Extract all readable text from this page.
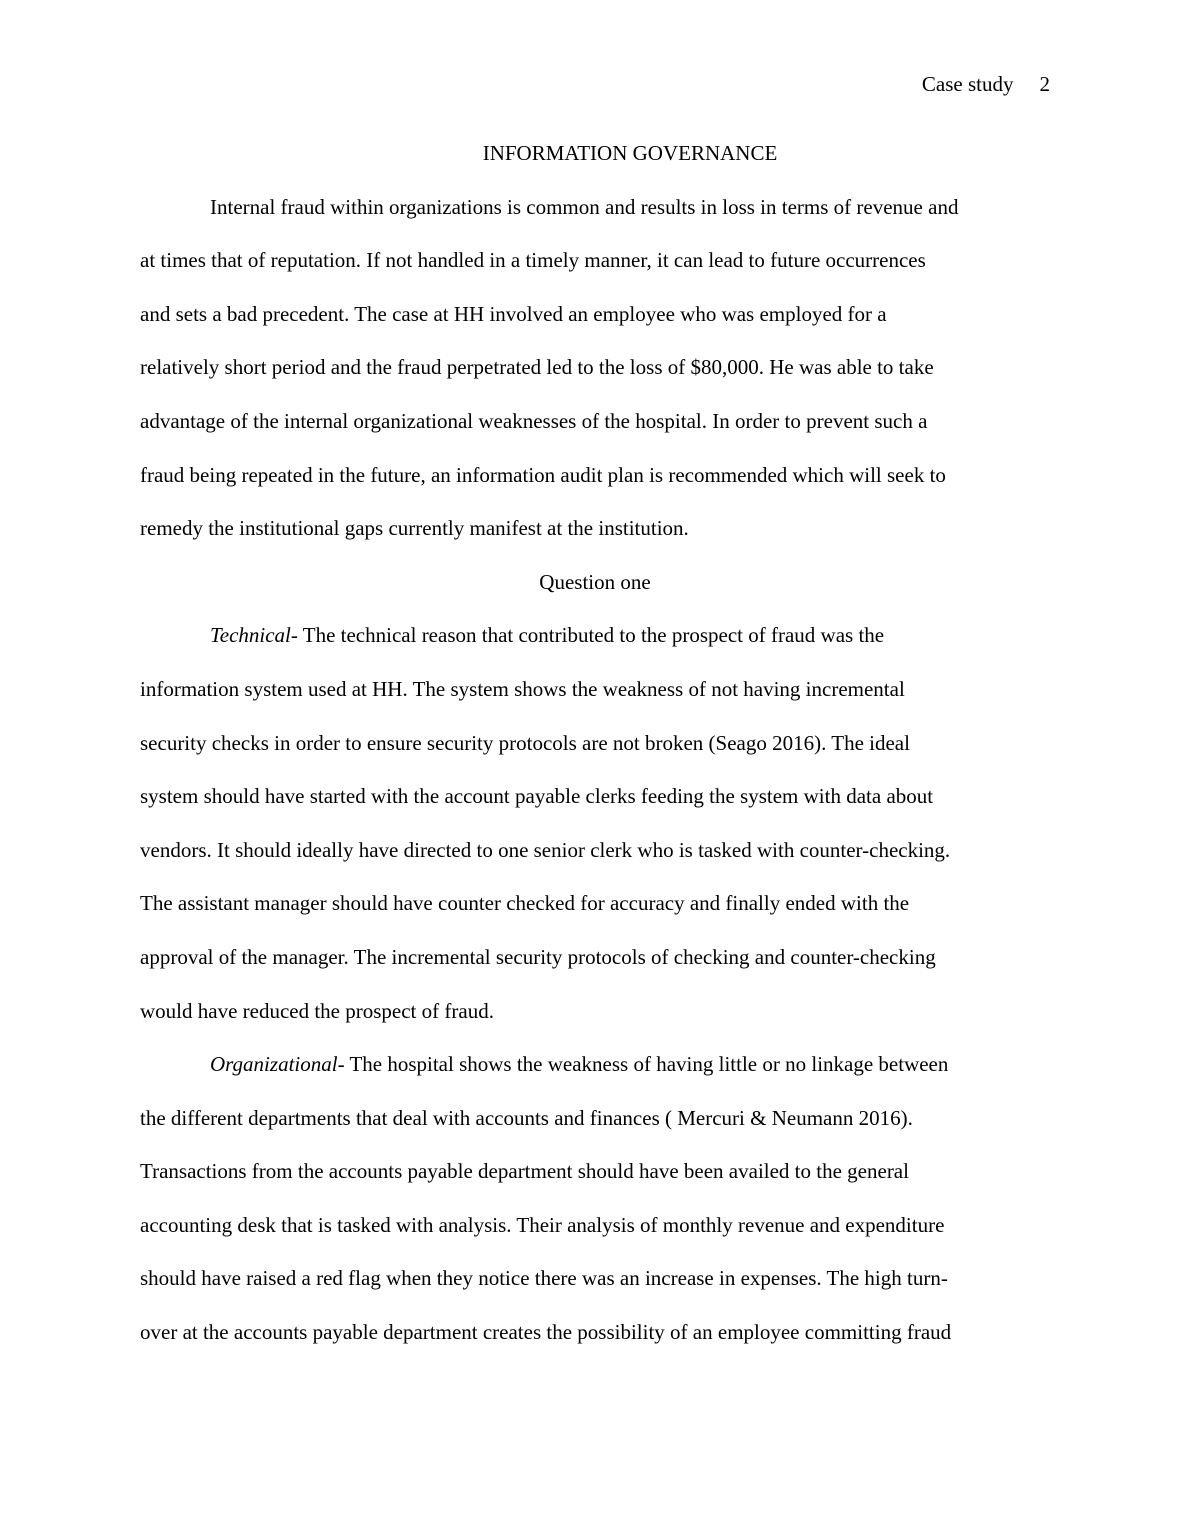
Case study 2
INFORMATION GOVERNANCE

Internal fraud within organizations is common and results in loss in terms of revenue and
at times that of reputation. If not handled in a timely manner, it can lead to future occurrences
and sets a bad precedent. The case at HH involved an employee who was employed for a
relatively short period and the fraud perpetrated led to the loss of $80,000. He was able to take
advantage of the internal organizational weaknesses of the hospital. In order to prevent such a
fraud being repeated in the future, an information audit plan is recommended which will seek to
remedy the institutional gaps currently manifest at the institution.

Question one

Technical- The technical reason that contributed to the prospect of fraud was the
information system used at HH. The system shows the weakness of not having incremental
security checks in order to ensure security protocols are not broken (Seago 2016). The ideal
system should have started with the account payable clerks feeding the system with data about
vendors. It should ideally have directed to one senior clerk who is tasked with counter-checking.
The assistant manager should have counter checked for accuracy and finally ended with the
approval of the manager. The incremental security protocols of checking and counter-checking
would have reduced the prospect of fraud.

Organizational- The hospital shows the weakness of having little or no linkage between
the different departments that deal with accounts and finances ( Mercuri & Neumann 2016).
Transactions from the accounts payable department should have been availed to the general
accounting desk that is tasked with analysis. Their analysis of monthly revenue and expenditure
should have raised a red flag when they notice there was an increase in expenses. The high turn-
over at the accounts payable department creates the possibility of an employee committing fraud
